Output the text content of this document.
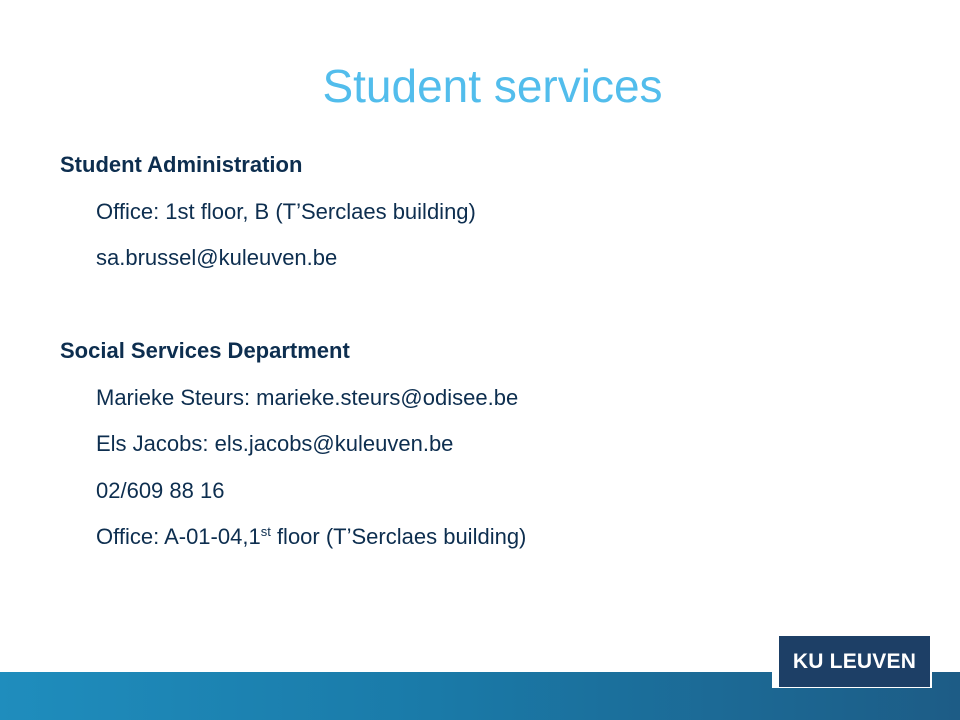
Student services
Student Administration
Office: 1st floor, B (T’Serclaes building)
sa.brussel@kuleuven.be
Social Services Department
Marieke Steurs: marieke.steurs@odisee.be
Els Jacobs: els.jacobs@kuleuven.be
02/609 88 16
Office: A-01-04,1st floor (T’Serclaes building)
KU LEUVEN
